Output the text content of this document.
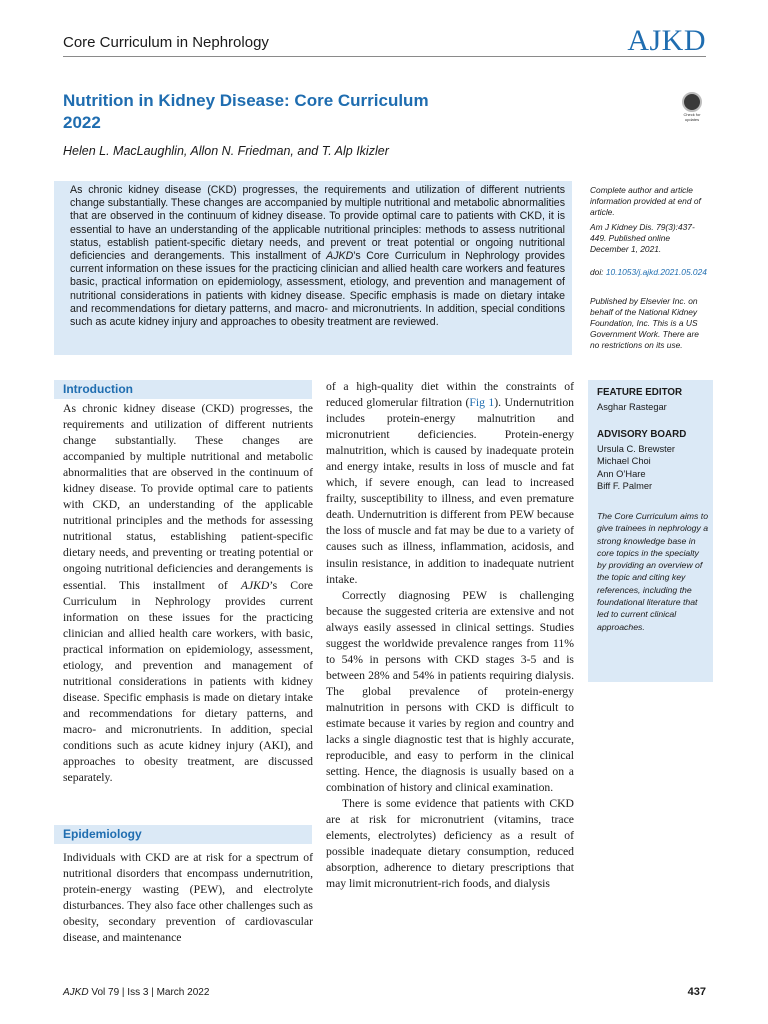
Core Curriculum in Nephrology	AJKD
Nutrition in Kidney Disease: Core Curriculum 2022	Check for updates
Helen L. MacLaughlin, Allon N. Friedman, and T. Alp Ikizler
As chronic kidney disease (CKD) progresses, the requirements and utilization of different nutrients change substantially. These changes are accompanied by multiple nutritional and metabolic abnormalities that are observed in the continuum of kidney disease. To provide optimal care to patients with CKD, it is essential to have an understanding of the applicable nutritional principles: methods to assess nutritional status, establish patient-specific dietary needs, and prevent or treat potential or ongoing nutritional deficiencies and derangements. This installment of AJKD’s Core Curriculum in Nephrology provides current information on these issues for the practicing clinician and allied health care workers and features basic, practical information on epidemiology, assessment, etiology, and prevention and management of nutritional considerations in patients with kidney disease. Specific emphasis is made on dietary intake and recommendations for dietary patterns, and macro- and micronutrients. In addition, special conditions such as acute kidney injury and approaches to obesity treatment are reviewed.
Complete author and article information provided at end of article.
Am J Kidney Dis. 79(3):437-449. Published online December 1, 2021.
doi: 10.1053/j.ajkd.2021.05.024
Published by Elsevier Inc. on behalf of the National Kidney Foundation, Inc. This is a US Government Work. There are no restrictions on its use.
Introduction

As chronic kidney disease (CKD) progresses, the requirements and utilization of different nutrients change substantially. These changes are accompanied by multiple nutritional and metabolic abnormalities that are observed in the continuum of kidney disease. To provide optimal care to patients with CKD, an understanding of the applicable nutritional principles and the methods for assessing nutritional status, establishing patient-specific dietary needs, and preventing or treating potential or ongoing nutritional deficiencies and derangements is essential. This installment of AJKD’s Core Curriculum in Nephrology provides current information on these issues for the practicing clinician and allied health care workers, with basic, practical information on epidemiology, assessment, etiology, and prevention and management of nutritional considerations in patients with kidney disease. Specific emphasis is made on dietary intake and recommendations for dietary patterns, and macro- and micronutrients. In addition, special conditions such as acute kidney injury (AKI), and approaches to obesity treatment, are discussed separately.

Epidemiology

Individuals with CKD are at risk for a spectrum of nutritional disorders that encompass undernutrition, protein-energy wasting (PEW), and electrolyte disturbances. They also face other challenges such as obesity, secondary prevention of cardiovascular disease, and maintenance

of a high-quality diet within the constraints of reduced glomerular filtration (Fig 1). Undernutrition includes protein-energy malnutrition and micronutrient deficiencies. Protein-energy malnutrition, which is caused by inadequate protein and energy intake, results in loss of muscle and fat which, if severe enough, can lead to increased frailty, susceptibility to illness, and even premature death. Undernutrition is different from PEW because the loss of muscle and fat may be due to a variety of causes such as illness, inflammation, acidosis, and insulin resistance, in addition to inadequate nutrient intake.

Correctly diagnosing PEW is challenging because the suggested criteria are extensive and not always easily assessed in clinical settings. Studies suggest the worldwide prevalence ranges from 11% to 54% in persons with CKD stages 3-5 and is between 28% and 54% in patients requiring dialysis. The global prevalence of protein-energy malnutrition in persons with CKD is difficult to estimate because it varies by region and country and lacks a single diagnostic test that is highly accurate, reproducible, and easy to perform in the clinical setting. Hence, the diagnosis is usually based on a combination of history and clinical examination.

There is some evidence that patients with CKD are at risk for micronutrient (vitamins, trace elements, electrolytes) deficiency as a result of possible inadequate dietary consumption, reduced absorption, adherence to dietary prescriptions that may limit micronutrient-rich foods, and dialysis

FEATURE EDITOR
Asghar Rastegar
ADVISORY BOARD
Ursula C. Brewster
Michael Choi
Ann O’Hare
Biff F. Palmer
The Core Curriculum aims to give trainees in nephrology a strong knowledge base in core topics in the specialty by providing an overview of the topic and citing key references, including the foundational literature that led to current clinical approaches.
AJKD Vol 79 | Iss 3 | March 2022	437
